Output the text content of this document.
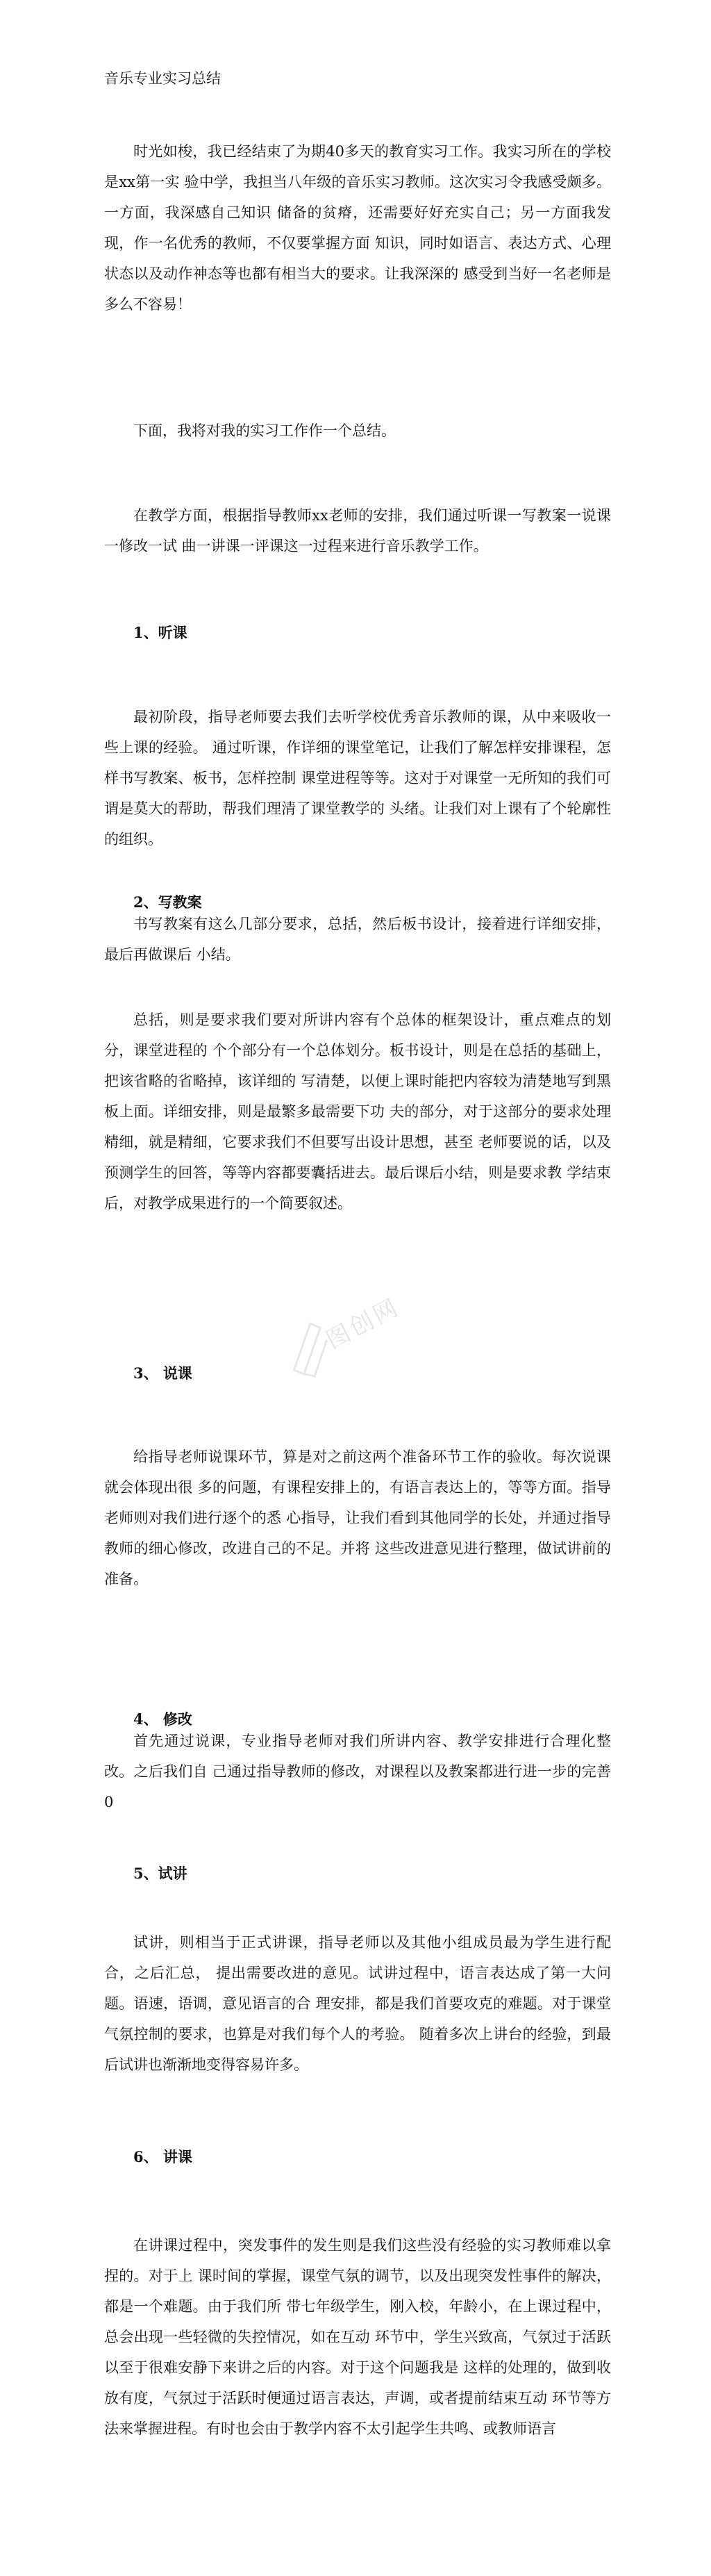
音乐专业实习总结

时光如梭，我已经结束了为期40多天的教育实习工作。我实习所在的学校是xx第一实 验中学，我担当八年级的音乐实习教师。这次实习令我感受颇多。一方面，我深感自己知识 储备的贫瘠，还需要好好充实自己；另一方面我发现，作一名优秀的教师，不仅要掌握方面 知识，同时如语言、表达方式、心理状态以及动作神态等也都有相当大的要求。让我深深的 感受到当好一名老师是多么不容易！

下面，我将对我的实习工作作一个总结。

在教学方面，根据指导教师xx老师的安排，我们通过听课一写教案一说课一修改一试 曲一讲课一评课这一过程来进行音乐教学工作。

1、听课

最初阶段，指导老师要去我们去听学校优秀音乐教师的课，从中来吸收一些上课的经验。 通过听课，作详细的课堂笔记，让我们了解怎样安排课程，怎样书写教案、板书，怎样控制 课堂进程等等。这对于对课堂一无所知的我们可谓是莫大的帮助，帮我们理清了课堂教学的 头绪。让我们对上课有了个轮廓性的组织。

2、写教案

书写教案有这么几部分要求，总括，然后板书设计，接着进行详细安排，最后再做课后 小结。

总括，则是要求我们要对所讲内容有个总体的框架设计，重点难点的划分，课堂进程的 个个部分有一个总体划分。板书设计，则是在总括的基础上，把该省略的省略掉，该详细的 写清楚，以便上课时能把内容较为清楚地写到黑板上面。详细安排，则是最繁多最需要下功 夫的部分，对于这部分的要求处理精细，就是精细，它要求我们不但要写出设计思想，甚至 老师要说的话，以及预测学生的回答，等等内容都要囊括进去。最后课后小结，则是要求教 学结束后，对教学成果进行的一个简要叙述。

3、 说课

给指导老师说课环节，算是对之前这两个准备环节工作的验收。每次说课就会体现出很 多的问题，有课程安排上的，有语言表达上的，等等方面。指导老师则对我们进行逐个的悉 心指导，让我们看到其他同学的长处，并通过指导教师的细心修改，改进自己的不足。并将 这些改进意见进行整理，做试讲前的准备。

4、 修改

首先通过说课，专业指导老师对我们所讲内容、教学安排进行合理化整改。之后我们自 己通过指导教师的修改，对课程以及教案都进行进一步的完善0

5、试讲

试讲，则相当于正式讲课，指导老师以及其他小组成员最为学生进行配合，之后汇总， 提出需要改进的意见。试讲过程中，语言表达成了第一大问题。语速，语调，意见语言的合 理安排，都是我们首要攻克的难题。对于课堂气氛控制的要求，也算是对我们每个人的考验。 随着多次上讲台的经验，到最后试讲也渐渐地变得容易许多。

6、 讲课

在讲课过程中，突发事件的发生则是我们这些没有经验的实习教师难以拿捏的。对于上 课时间的掌握，课堂气氛的调节，以及出现突发性事件的解决，都是一个难题。由于我们所 带七年级学生，刚入校，年龄小，在上课过程中，总会出现一些轻微的失控情况，如在互动 环节中，学生兴致高，气氛过于活跃以至于很难安静下来讲之后的内容。对于这个问题我是 这样的处理的，做到收放有度，气氛过于活跃时便通过语言表达，声调，或者提前结束互动 环节等方法来掌握进程。有时也会由于教学内容不太引起学生共鸣、或教师语言

图创网
